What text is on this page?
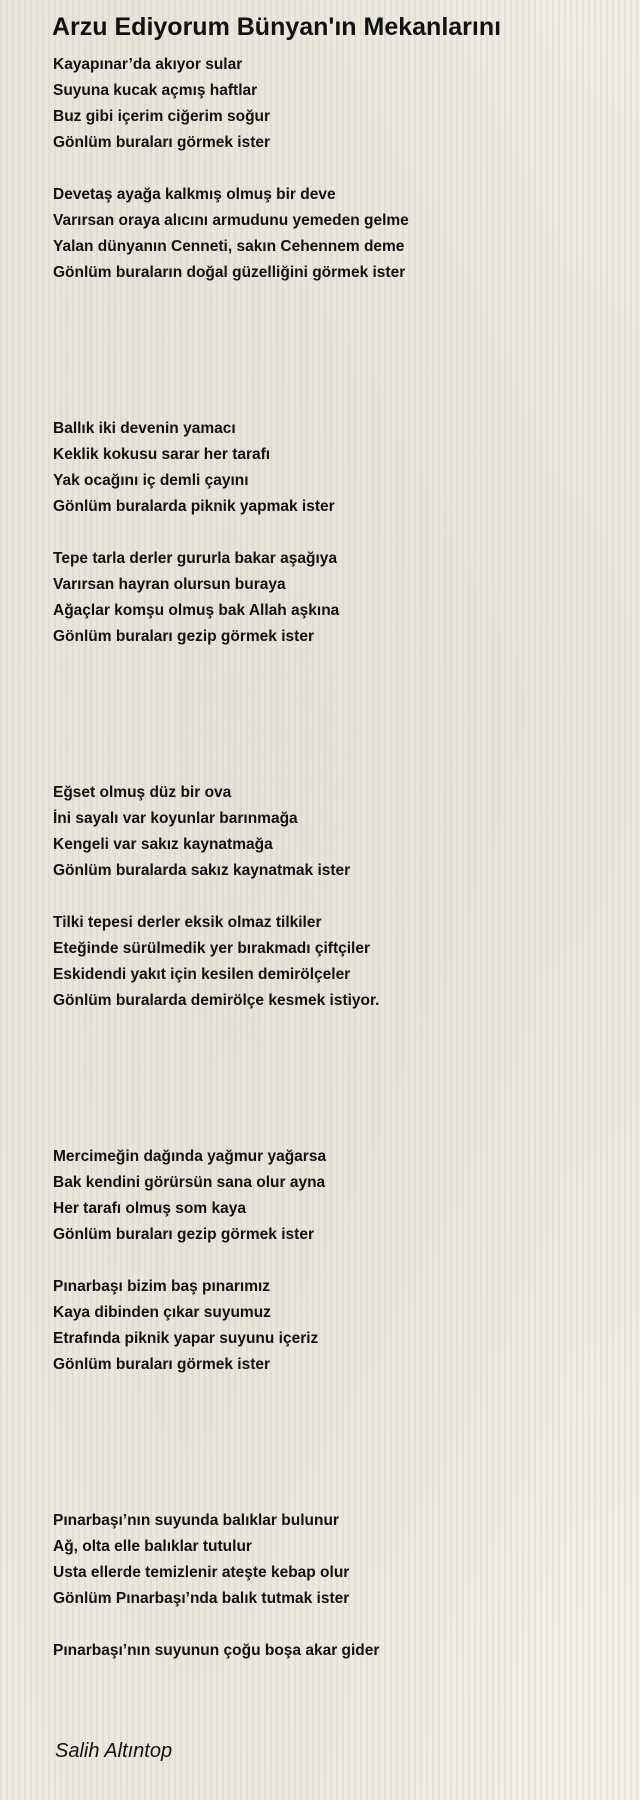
Arzu Ediyorum Bünyan'ın Mekanlarını
Kayapınar’da akıyor sular
Suyuna kucak açmış haftlar
Buz gibi içerim ciğerim soğur
Gönlüm buraları görmek ister
Devetaş ayağa kalkmış olmuş bir deve
Varırsan oraya alıcını armudunu yemeden gelme
Yalan dünyanın Cenneti, sakın Cehennem deme
Gönlüm buraların doğal güzelliğini görmek ister
Ballık iki devenin yamacı
Keklik kokusu sarar her tarafı
Yak ocağını iç demli çayını
Gönlüm buralarda piknik yapmak ister
Tepe tarla derler gururla bakar aşağıya
Varırsan hayran olursun buraya
Ağaçlar komşu olmuş bak Allah aşkına
Gönlüm buraları gezip görmek ister
Eğset olmuş düz bir ova
İni sayalı var koyunlar barınmağa
Kengeli var sakız kaynatmağa
Gönlüm buralarda sakız kaynatmak ister
Tilki tepesi derler eksik olmaz tilkiler
Eteğinde sürülmedik yer bırakmadı çiftçiler
Eskidendi yakıt için kesilen demirölçeler
Gönlüm buralarda demirölçe kesmek istiyor.
Mercimeğin dağında yağmur yağarsa
Bak kendini görürsün sana olur ayna
Her tarafı olmuş som kaya
Gönlüm buraları gezip görmek ister
Pınarbaşı bizim baş pınarımız
Kaya dibinden çıkar suyumuz
Etrafında piknik yapar suyunu içeriz
Gönlüm buraları görmek ister
Pınarbaşı’nın suyunda balıklar bulunur
Ağ, olta elle balıklar tutulur
Usta ellerde temizlenir ateşte kebap olur
Gönlüm Pınarbaşı’nda balık tutmak ister
Pınarbaşı’nın suyunun çoğu boşa akar gider
Salih Altıntop
